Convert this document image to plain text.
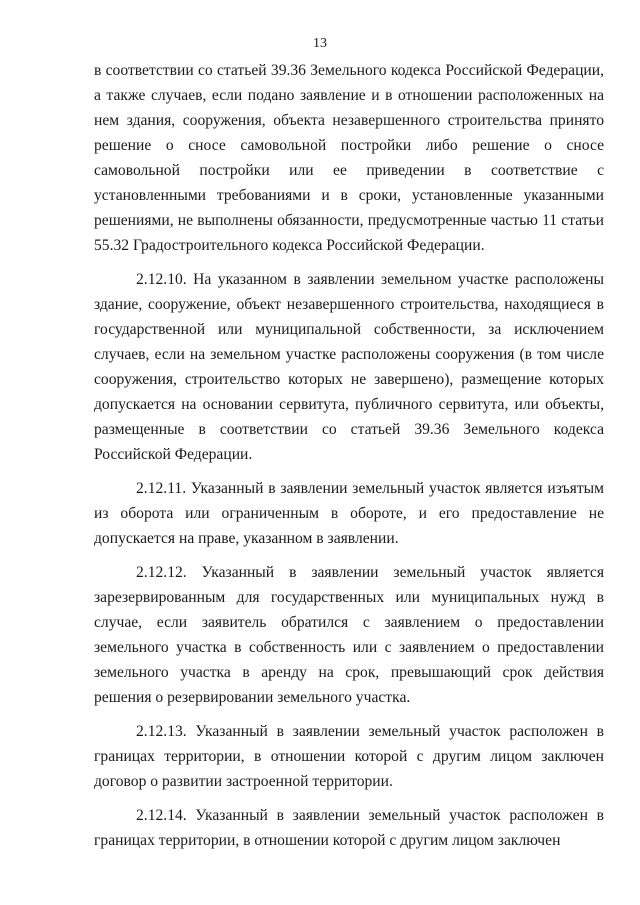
13

в соответствии со статьей 39.36 Земельного кодекса Российской Федерации, а также случаев, если подано заявление и в отношении расположенных на нем здания, сооружения, объекта незавершенного строительства принято решение о сносе самовольной постройки либо решение о сносе самовольной постройки или ее приведении в соответствие с установленными требованиями и в сроки, установленные указанными решениями, не выполнены обязанности, предусмотренные частью 11 статьи 55.32 Градостроительного кодекса Российской Федерации.

2.12.10. На указанном в заявлении земельном участке расположены здание, сооружение, объект незавершенного строительства, находящиеся в государственной или муниципальной собственности, за исключением случаев, если на земельном участке расположены сооружения (в том числе сооружения, строительство которых не завершено), размещение которых допускается на основании сервитута, публичного сервитута, или объекты, размещенные в соответствии со статьей 39.36 Земельного кодекса Российской Федерации.

2.12.11. Указанный в заявлении земельный участок является изъятым из оборота или ограниченным в обороте, и его предоставление не допускается на праве, указанном в заявлении.

2.12.12. Указанный в заявлении земельный участок является зарезервированным для государственных или муниципальных нужд в случае, если заявитель обратился с заявлением о предоставлении земельного участка в собственность или с заявлением о предоставлении земельного участка в аренду на срок, превышающий срок действия решения о резервировании земельного участка.

2.12.13. Указанный в заявлении земельный участок расположен в границах территории, в отношении которой с другим лицом заключен договор о развитии застроенной территории.

2.12.14. Указанный в заявлении земельный участок расположен в границах территории, в отношении которой с другим лицом заключен
